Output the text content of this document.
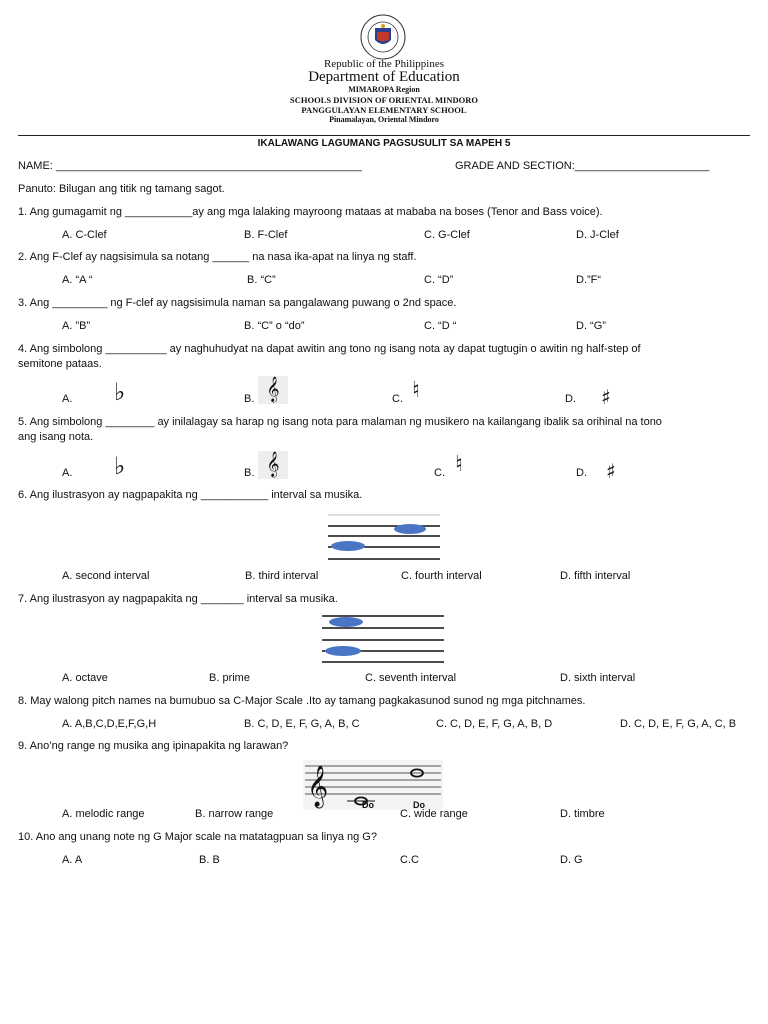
Republic of the Philippines
Department of Education
MIMAROPA Region
SCHOOLS DIVISION OF ORIENTAL MINDORO
PANGGULAYAN ELEMENTARY SCHOOL
Pinamalayan, Oriental Mindoro
IKALAWANG LAGUMANG PAGSUSULIT SA MAPEH 5
NAME: __________________________________________________	GRADE AND SECTION:______________________
Panuto: Bilugan ang titik ng tamang sagot.
1. Ang gumagamit ng ___________ay ang mga lalaking mayroong mataas at mababa na boses (Tenor and Bass voice).
A. C-Clef	B. F-Clef	C. G-Clef	D. J-Clef
2. Ang F-Clef ay nagsisimula sa notang ______ na nasa ika-apat na linya ng staff.
A. “A “	B. “C”	C. “D”	D.”F“
3. Ang _________ ng F-clef ay nagsisimula naman sa pangalawang puwang o 2nd space.
A. ”B”	B. “C” o “do”	C. “D “	D. “G”
4. Ang simbolong __________ ay naghuhudyat na dapat awitin ang tono ng isang nota ay dapat tugtugin o awitin ng half-step of
semitone pataas.
A. ♭	B. 𝄞	C. ♮	D. ♯
5. Ang simbolong ________ ay inilalagay sa harap ng isang nota para malaman ng musikero na kailangang ibalik sa orihinal na tono
ang isang nota.
A. ♭	B. 𝄞	C. ♮	D. ♯
6. Ang ilustrasyon ay nagpapakita ng ___________ interval sa musika.
A. second interval	B. third interval	C. fourth interval	D. fifth interval
7. Ang ilustrasyon ay nagpapakita ng _______ interval sa musika.
A. octave	B. prime	C. seventh interval	D. sixth interval
8. May walong pitch names na bumubuo sa C-Major Scale .Ito ay tamang pagkakasunod sunod ng mga pitchnames.
A. A,B,C,D,E,F,G,H	B. C, D, E, F, G, A, B, C	C. C, D, E, F, G, A, B, D	D. C, D, E, F, G, A, C, B
9. Ano’ng range ng musika ang ipinapakita ng larawan?
𝄞	Do	Do
A. melodic range	B. narrow range	C. wide range	D. timbre
10. Ano ang unang note ng G Major scale na matatagpuan sa linya ng G?
A. A	B. B	C.C	D. G
